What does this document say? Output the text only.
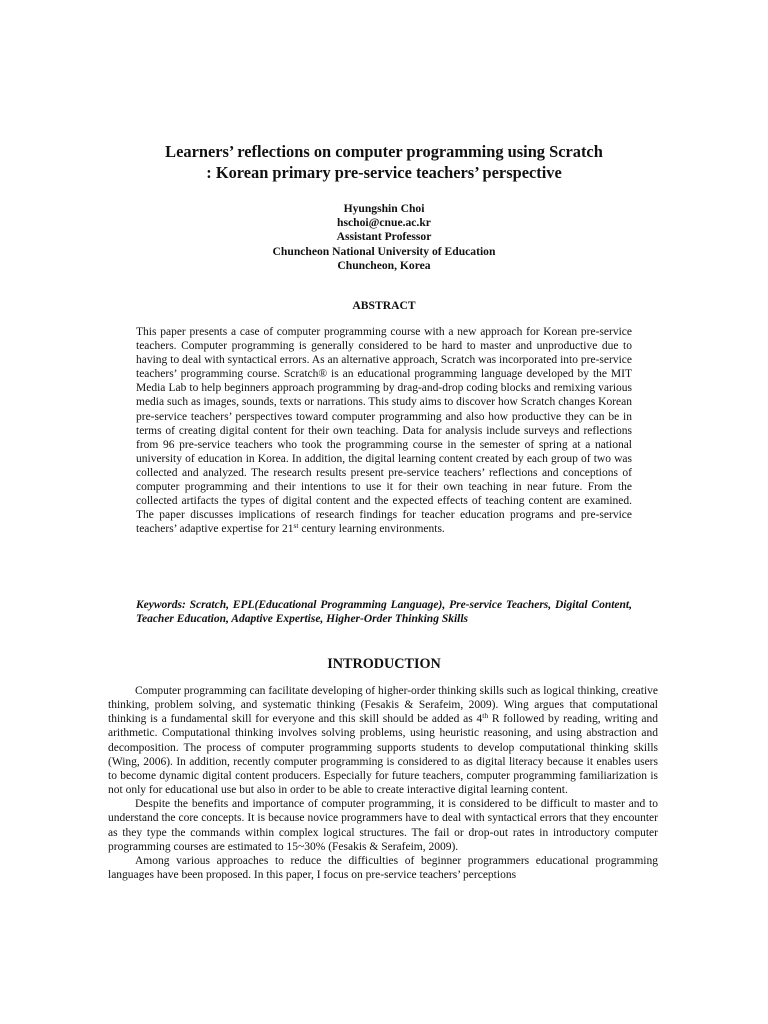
Learners’ reflections on computer programming using Scratch
: Korean primary pre-service teachers’ perspective
Hyungshin Choi
hschoi@cnue.ac.kr
Assistant Professor
Chuncheon National University of Education
Chuncheon, Korea
ABSTRACT

This paper presents a case of computer programming course with a new approach for Korean pre-service teachers. Computer programming is generally considered to be hard to master and unproductive due to having to deal with syntactical errors. As an alternative approach, Scratch was incorporated into pre-service teachers’ programming course. Scratch® is an educational programming language developed by the MIT Media Lab to help beginners approach programming by drag-and-drop coding blocks and remixing various media such as images, sounds, texts or narrations. This study aims to discover how Scratch changes Korean pre-service teachers’ perspectives toward computer programming and also how productive they can be in terms of creating digital content for their own teaching. Data for analysis include surveys and reflections from 96 pre-service teachers who took the programming course in the semester of spring at a national university of education in Korea. In addition, the digital learning content created by each group of two was collected and analyzed. The research results present pre-service teachers’ reflections and conceptions of computer programming and their intentions to use it for their own teaching in near future. From the collected artifacts the types of digital content and the expected effects of teaching content are examined. The paper discusses implications of research findings for teacher education programs and pre-service teachers’ adaptive expertise for 21st century learning environments.

Keywords: Scratch, EPL(Educational Programming Language), Pre-service Teachers, Digital Content, Teacher Education, Adaptive Expertise, Higher-Order Thinking Skills
INTRODUCTION

Computer programming can facilitate developing of higher-order thinking skills such as logical thinking, creative thinking, problem solving, and systematic thinking (Fesakis & Serafeim, 2009). Wing argues that computational thinking is a fundamental skill for everyone and this skill should be added as 4th R followed by reading, writing and arithmetic. Computational thinking involves solving problems, using heuristic reasoning, and using abstraction and decomposition. The process of computer programming supports students to develop computational thinking skills (Wing, 2006). In addition, recently computer programming is considered to as digital literacy because it enables users to become dynamic digital content producers. Especially for future teachers, computer programming familiarization is not only for educational use but also in order to be able to create interactive digital learning content.

Despite the benefits and importance of computer programming, it is considered to be difficult to master and to understand the core concepts. It is because novice programmers have to deal with syntactical errors that they encounter as they type the commands within complex logical structures. The fail or drop-out rates in introductory computer programming courses are estimated to 15~30% (Fesakis & Serafeim, 2009).

Among various approaches to reduce the difficulties of beginner programmers educational programming languages have been proposed. In this paper, I focus on pre-service teachers’ perceptions
